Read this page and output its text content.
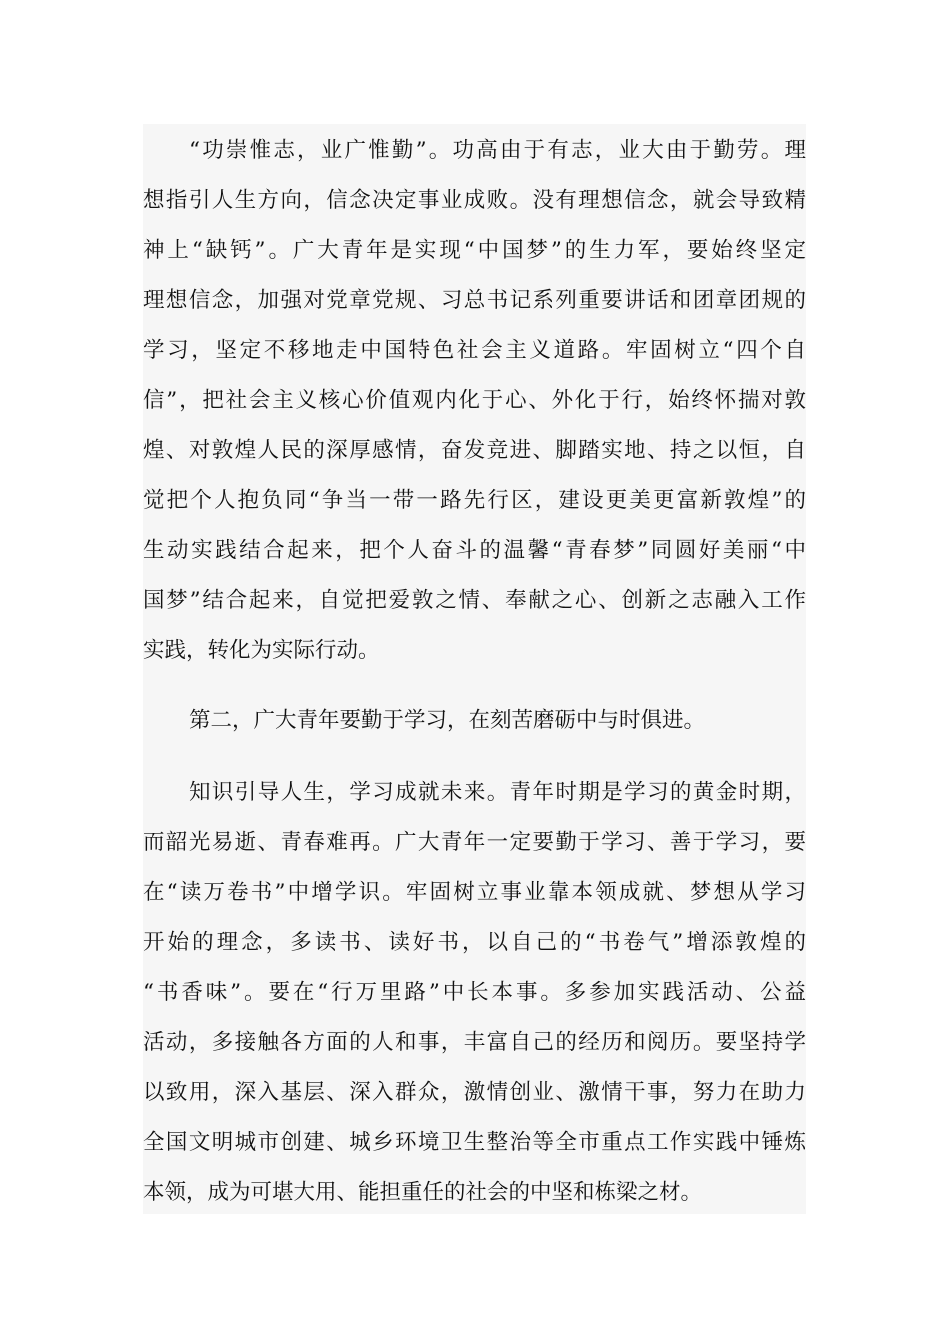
“功崇惟志，业广惟勤”。功高由于有志，业大由于勤劳。理
想指引人生方向，信念决定事业成败。没有理想信念，就会导致精
神上“缺钙”。广大青年是实现“中国梦”的生力军，要始终坚定
理想信念，加强对党章党规、习总书记系列重要讲话和团章团规的
学习，坚定不移地走中国特色社会主义道路。牢固树立“四个自
信”，把社会主义核心价值观内化于心、外化于行，始终怀揣对敦
煌、对敦煌人民的深厚感情，奋发竞进、脚踏实地、持之以恒，自
觉把个人抱负同“争当一带一路先行区，建设更美更富新敦煌”的
生动实践结合起来，把个人奋斗的温馨“青春梦”同圆好美丽“中
国梦”结合起来，自觉把爱敦之情、奉献之心、创新之志融入工作
实践，转化为实际行动。
第二，广大青年要勤于学习，在刻苦磨砺中与时俱进。
知识引导人生，学习成就未来。青年时期是学习的黄金时期，
而韶光易逝、青春难再。广大青年一定要勤于学习、善于学习，要
在“读万卷书”中增学识。牢固树立事业靠本领成就、梦想从学习
开始的理念，多读书、读好书，以自己的“书卷气”增添敦煌的
“书香味”。要在“行万里路”中长本事。多参加实践活动、公益
活动，多接触各方面的人和事，丰富自己的经历和阅历。要坚持学
以致用，深入基层、深入群众，激情创业、激情干事，努力在助力
全国文明城市创建、城乡环境卫生整治等全市重点工作实践中锤炼
本领，成为可堪大用、能担重任的社会的中坚和栋梁之材。
